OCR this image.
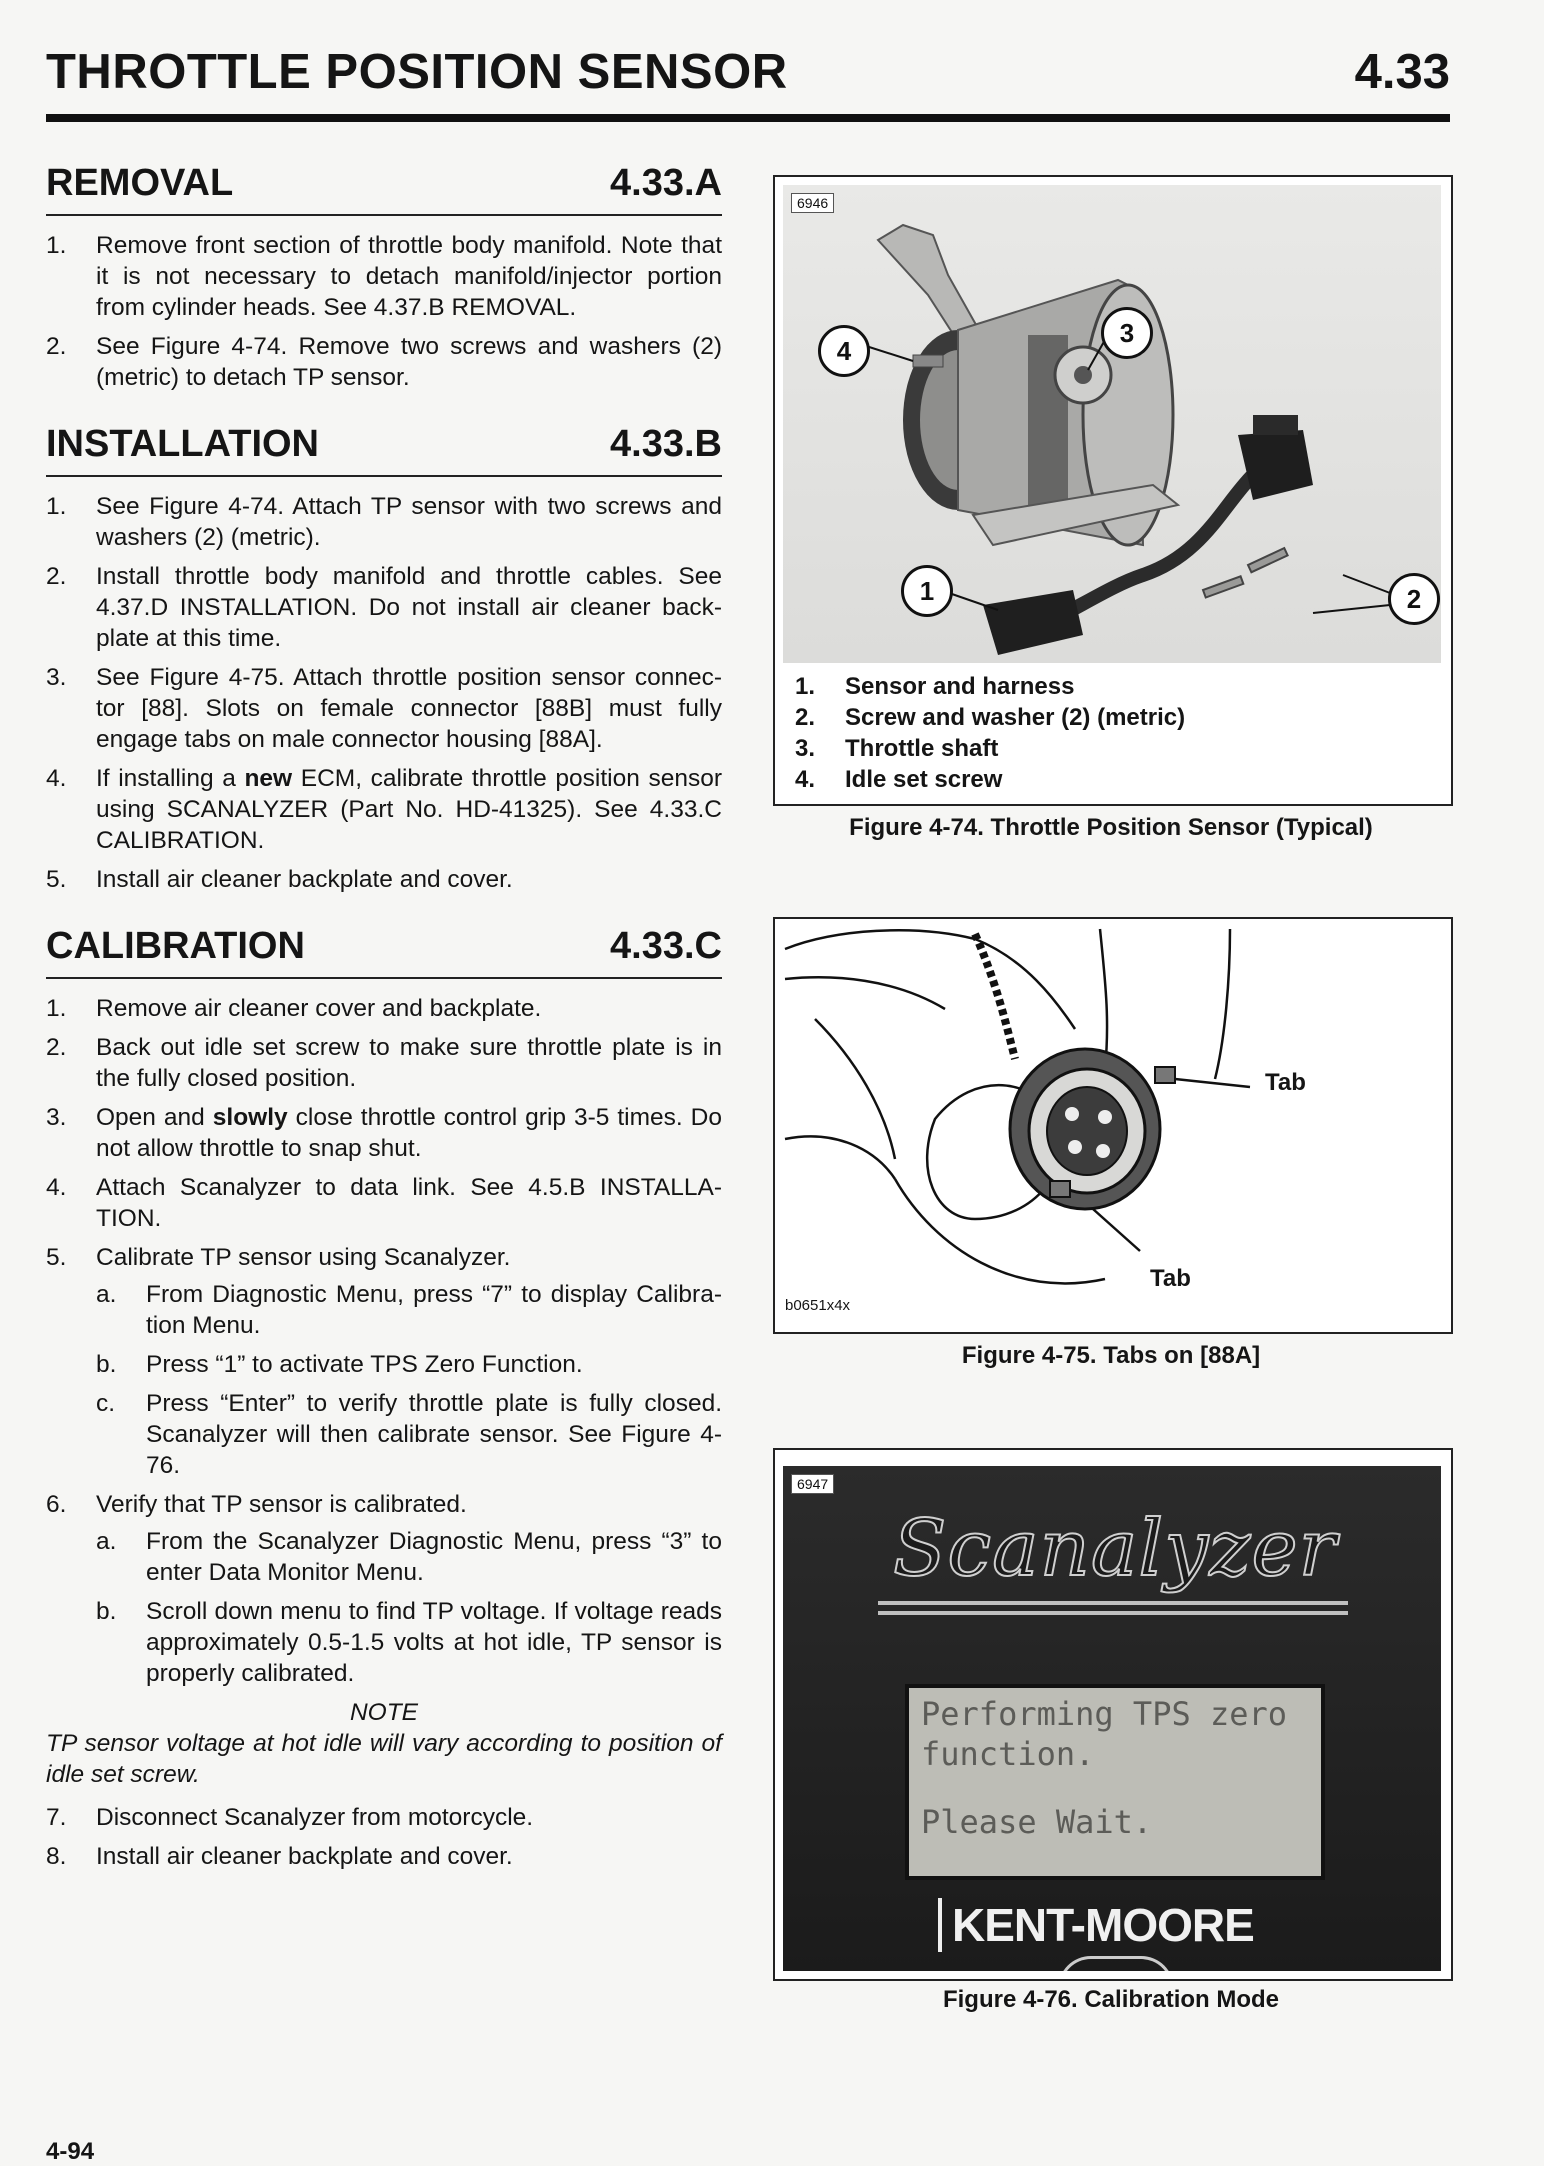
THROTTLE POSITION SENSOR	4.33
REMOVAL	4.33.A
1. Remove front section of throttle body manifold. Note that it is not necessary to detach manifold/injector portion from cylinder heads. See 4.37.B REMOVAL.
2. See Figure 4-74. Remove two screws and washers (2) (metric) to detach TP sensor.
INSTALLATION	4.33.B
1. See Figure 4-74. Attach TP sensor with two screws and washers (2) (metric).
2. Install throttle body manifold and throttle cables. See 4.37.D INSTALLATION. Do not install air cleaner back-plate at this time.
3. See Figure 4-75. Attach throttle position sensor connec-tor [88]. Slots on female connector [88B] must fully engage tabs on male connector housing [88A].
4. If installing a new ECM, calibrate throttle position sensor using SCANALYZER (Part No. HD-41325). See 4.33.C CALIBRATION.
5. Install air cleaner backplate and cover.
CALIBRATION	4.33.C
1. Remove air cleaner cover and backplate.
2. Back out idle set screw to make sure throttle plate is in the fully closed position.
3. Open and slowly close throttle control grip 3-5 times. Do not allow throttle to snap shut.
4. Attach Scanalyzer to data link. See 4.5.B INSTALLA-TION.
5. Calibrate TP sensor using Scanalyzer.
a. From Diagnostic Menu, press “7” to display Calibra-tion Menu.
b. Press “1” to activate TPS Zero Function.
c. Press “Enter” to verify throttle plate is fully closed. Scanalyzer will then calibrate sensor. See Figure 4-76.
6. Verify that TP sensor is calibrated.
a. From the Scanalyzer Diagnostic Menu, press “3” to enter Data Monitor Menu.
b. Scroll down menu to find TP voltage. If voltage reads approximately 0.5-1.5 volts at hot idle, TP sensor is properly calibrated.
NOTE
TP sensor voltage at hot idle will vary according to position of idle set screw.
7. Disconnect Scanalyzer from motorcycle.
8. Install air cleaner backplate and cover.
6946
1	2
3
4
1. Sensor and harness
2. Screw and washer (2) (metric)
3. Throttle shaft
4. Idle set screw
Figure 4-74. Throttle Position Sensor (Typical)
Tab
Tab
b0651x4x
Figure 4-75. Tabs on [88A]
6947
Scanalyzer
Performing TPS zero
function.
Please Wait.
KENT-MOORE
Figure 4-76. Calibration Mode
4-94
